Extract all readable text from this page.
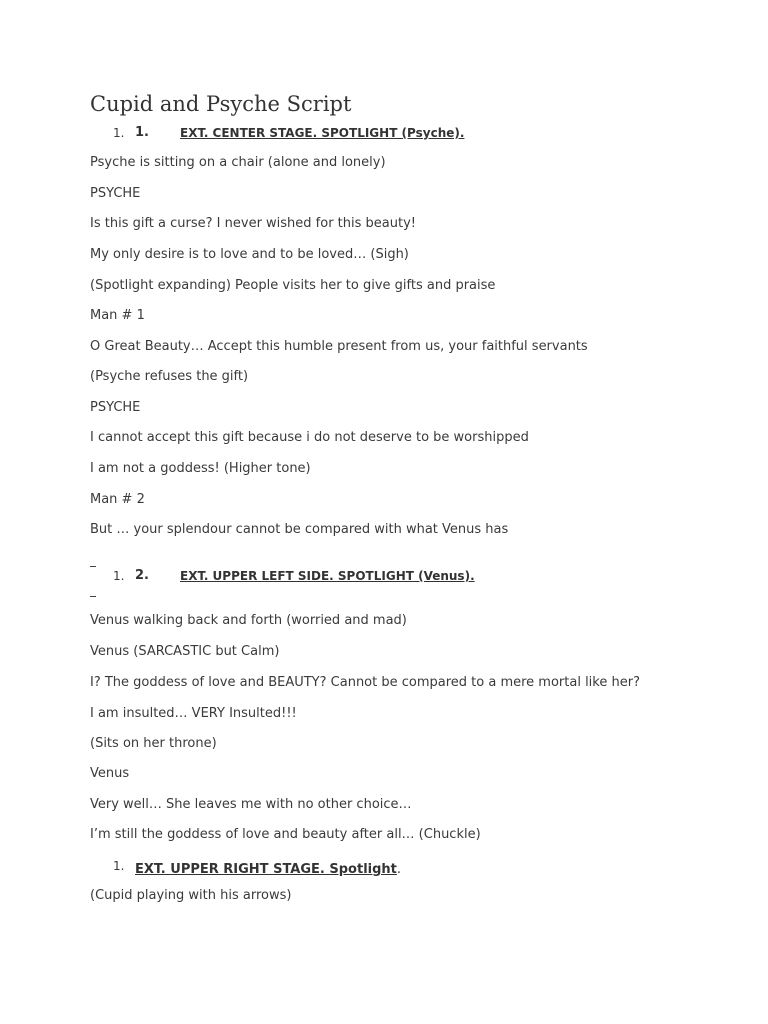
Cupid and Psyche Script
1. 1.	EXT. CENTER STAGE. SPOTLIGHT (Psyche).
Psyche is sitting on a chair (alone and lonely)
PSYCHE
Is this gift a curse? I never wished for this beauty!
My only desire is to love and to be loved… (Sigh)
(Spotlight expanding) People visits her to give gifts and praise
Man # 1
O Great Beauty… Accept this humble present from us, your faithful servants
(Psyche refuses the gift)
PSYCHE
I cannot accept this gift because i do not deserve to be worshipped
I am not a goddess! (Higher tone)
Man # 2
But … your splendour cannot be compared with what Venus has
1. 2.	EXT. UPPER LEFT SIDE. SPOTLIGHT (Venus).
Venus walking back and forth (worried and mad)
Venus (SARCASTIC but Calm)
I? The goddess of love and BEAUTY? Cannot be compared to a mere mortal like her?
I am insulted… VERY Insulted!!!
(Sits on her throne)
Venus
Very well… She leaves me with no other choice…
I’m still the goddess of love and beauty after all… (Chuckle)
1. EXT. UPPER RIGHT STAGE. Spotlight.
(Cupid playing with his arrows)
